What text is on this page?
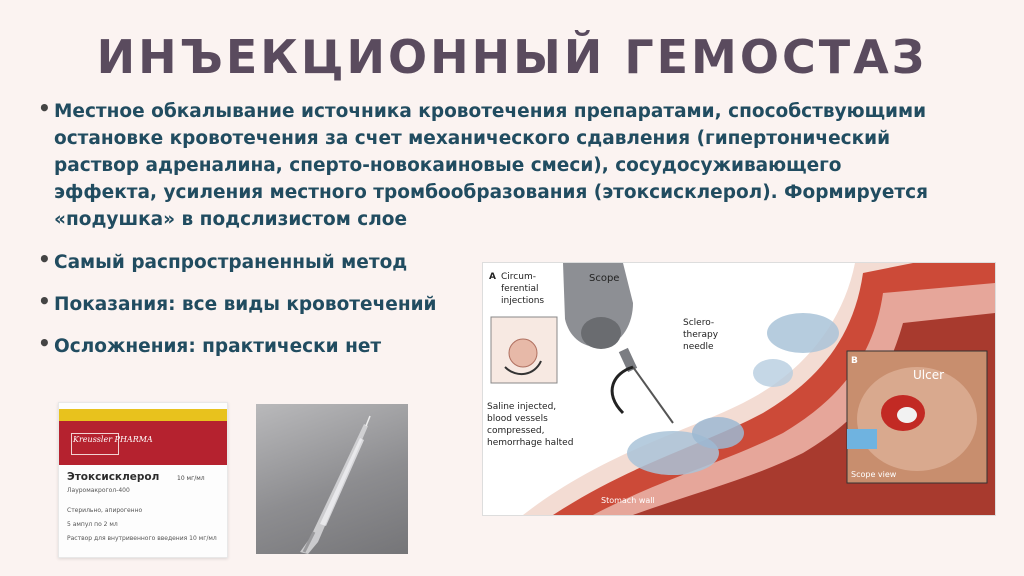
ИНЪЕКЦИОННЫЙ ГЕМОСТАЗ
• Местное обкалывание источника кровотечения препаратами, способствующими остановке кровотечения за счет механического сдавления (гипертонический раствор адреналина, сперто-новокаиновые смеси), сосудосуживающего эффекта, усиления местного тромбообразования (этоксисклерол). Формируется «подушка» в подслизистом слое
• Самый распространенный метод
• Показания: все виды кровотечений
• Осложнения: практически нет
Kreussler PHARMA
Этоксисклерол	10 мг/мл
Лауромакрогол-400
Стерильно, апирогенно
5 ампул по 2 мл
Раствор для внутривенного введения 10 мг/мл
A Circum-
ferential
injections
Scope
Sclero-
therapy
needle
Saline injected,
blood vessels
compressed,
hemorrhage halted
B
Ulcer
Scope view
Stomach wall
